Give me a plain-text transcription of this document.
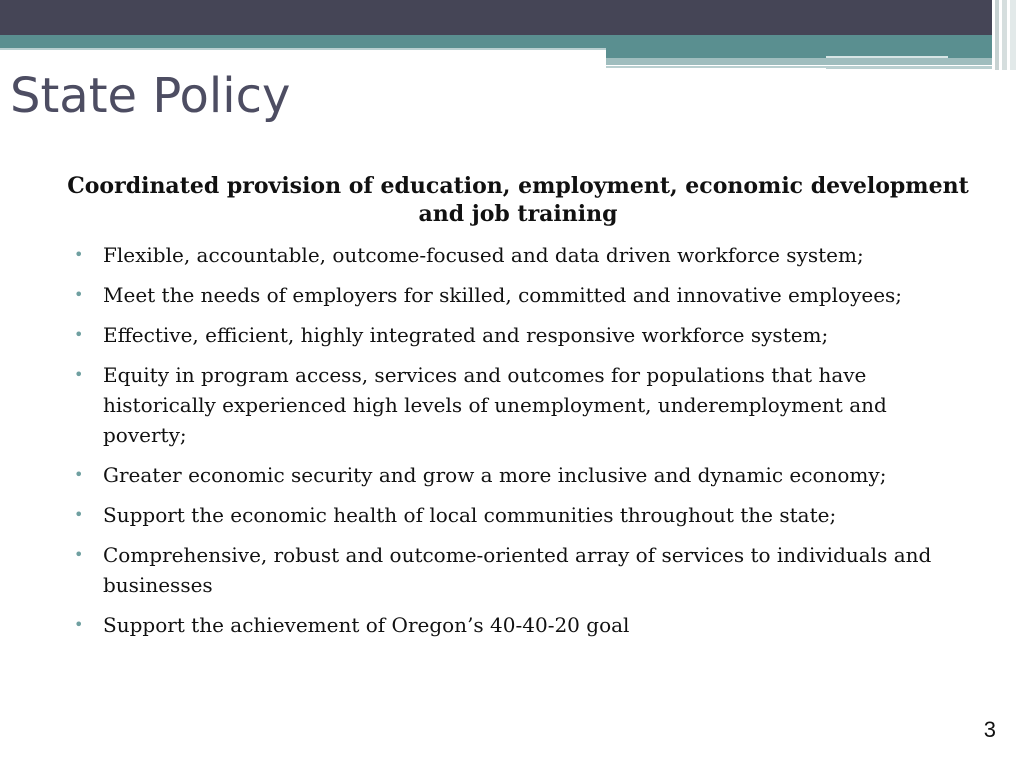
State Policy

Coordinated provision of education, employment, economic development and job training

• Flexible, accountable, outcome-focused and data driven workforce system;
• Meet the needs of employers for skilled, committed and innovative employees;
• Effective, efficient, highly integrated and responsive workforce system;
• Equity in program access, services and outcomes for populations that have historically experienced high levels of unemployment, underemployment and poverty;
• Greater economic security and grow a more inclusive and dynamic economy;
• Support the economic health of local communities throughout the state;
• Comprehensive, robust and outcome-oriented array of services to individuals and businesses
• Support the achievement of Oregon’s 40-40-20 goal
3
